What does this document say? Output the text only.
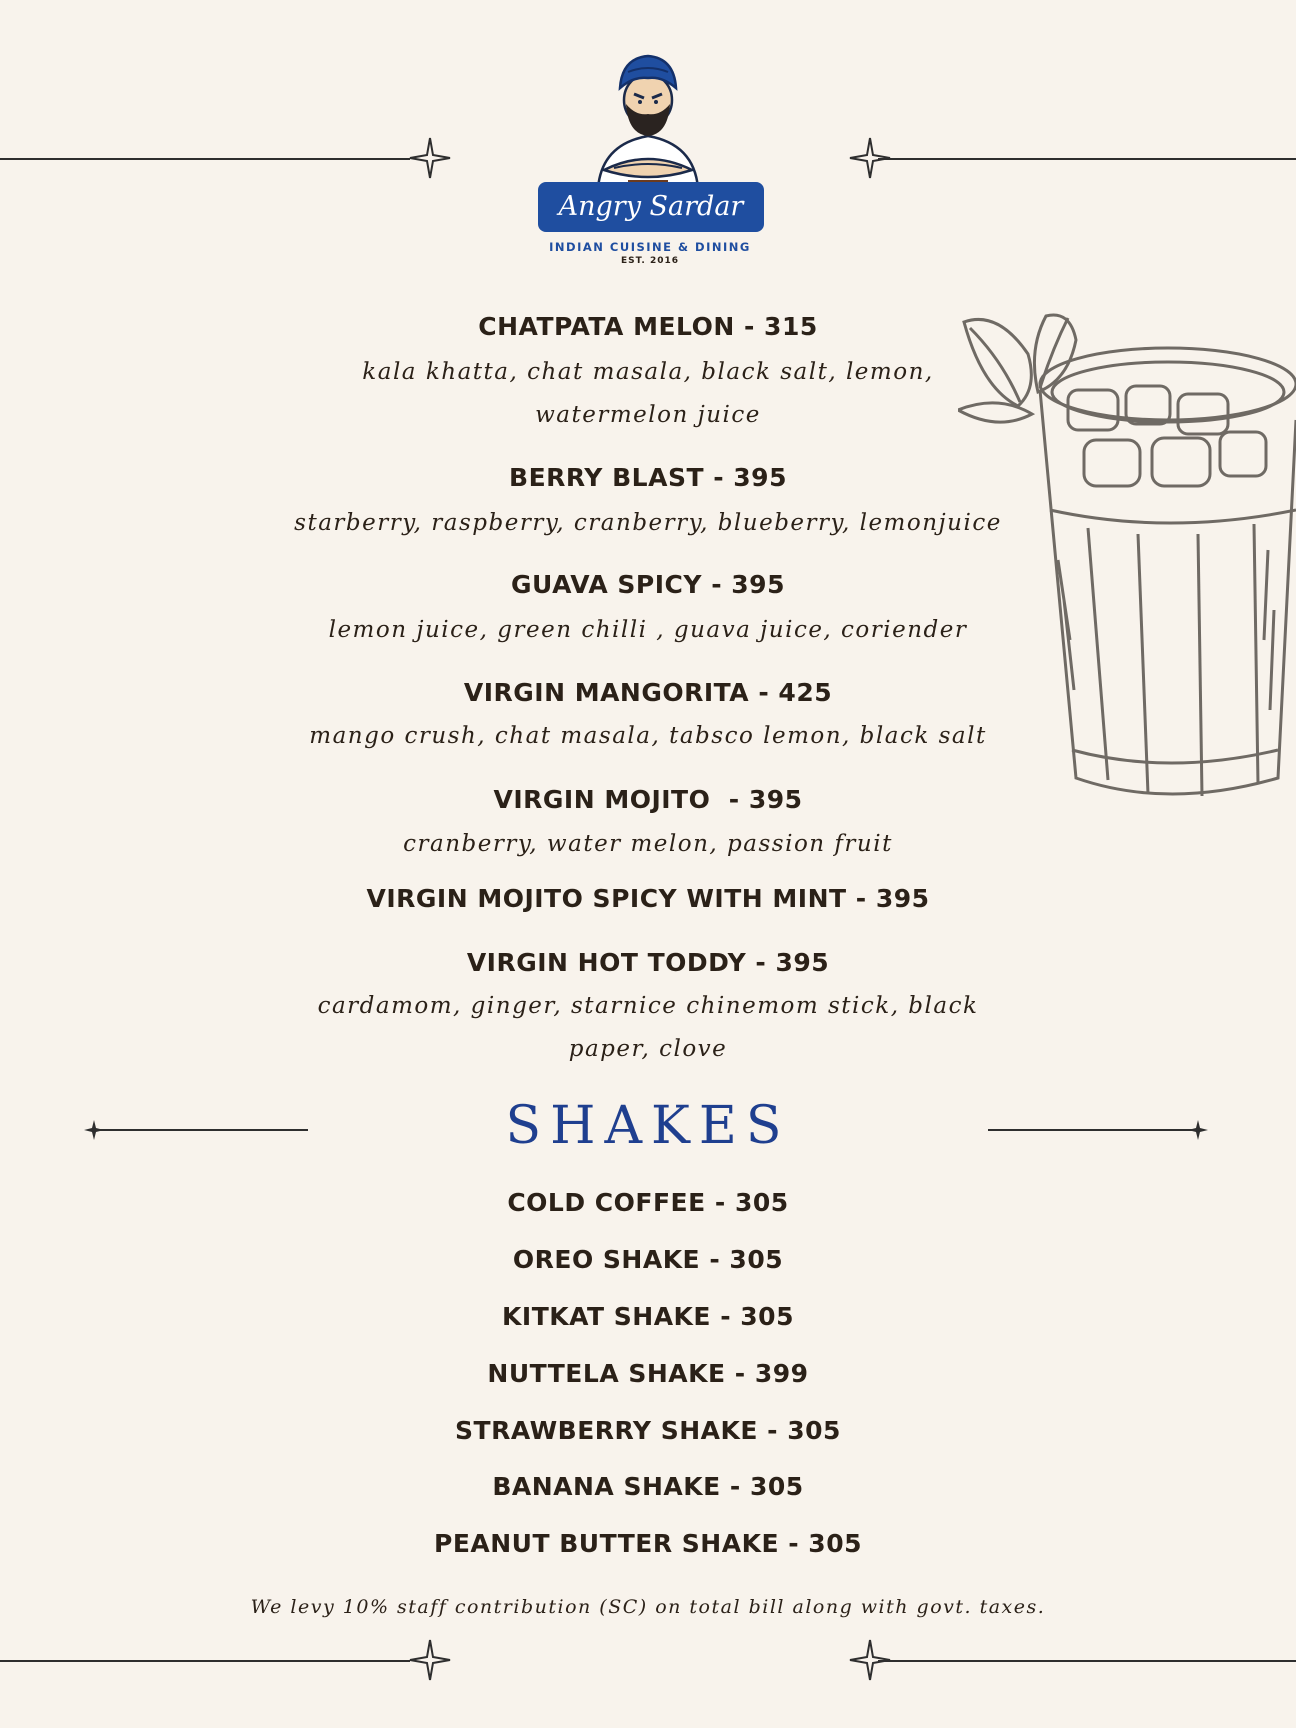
Angry Sardar
INDIAN CUISINE & DINING
EST. 2016
CHATPATA MELON - 315
kala khatta, chat masala, black salt, lemon,
watermelon juice
BERRY BLAST - 395
starberry, raspberry, cranberry, blueberry, lemonjuice
GUAVA SPICY - 395
lemon juice, green chilli , guava juice, coriender
VIRGIN MANGORITA - 425
mango crush, chat masala, tabsco lemon, black salt
VIRGIN MOJITO  - 395
cranberry, water melon, passion fruit
VIRGIN MOJITO SPICY WITH MINT - 395
VIRGIN HOT TODDY - 395
cardamom, ginger, starnice chinemom stick, black
paper, clove
SHAKES
COLD COFFEE - 305
OREO SHAKE - 305
KITKAT SHAKE - 305
NUTTELA SHAKE - 399
STRAWBERRY SHAKE - 305
BANANA SHAKE - 305
PEANUT BUTTER SHAKE - 305
We levy 10% staff contribution (SC) on total bill along with govt. taxes.
